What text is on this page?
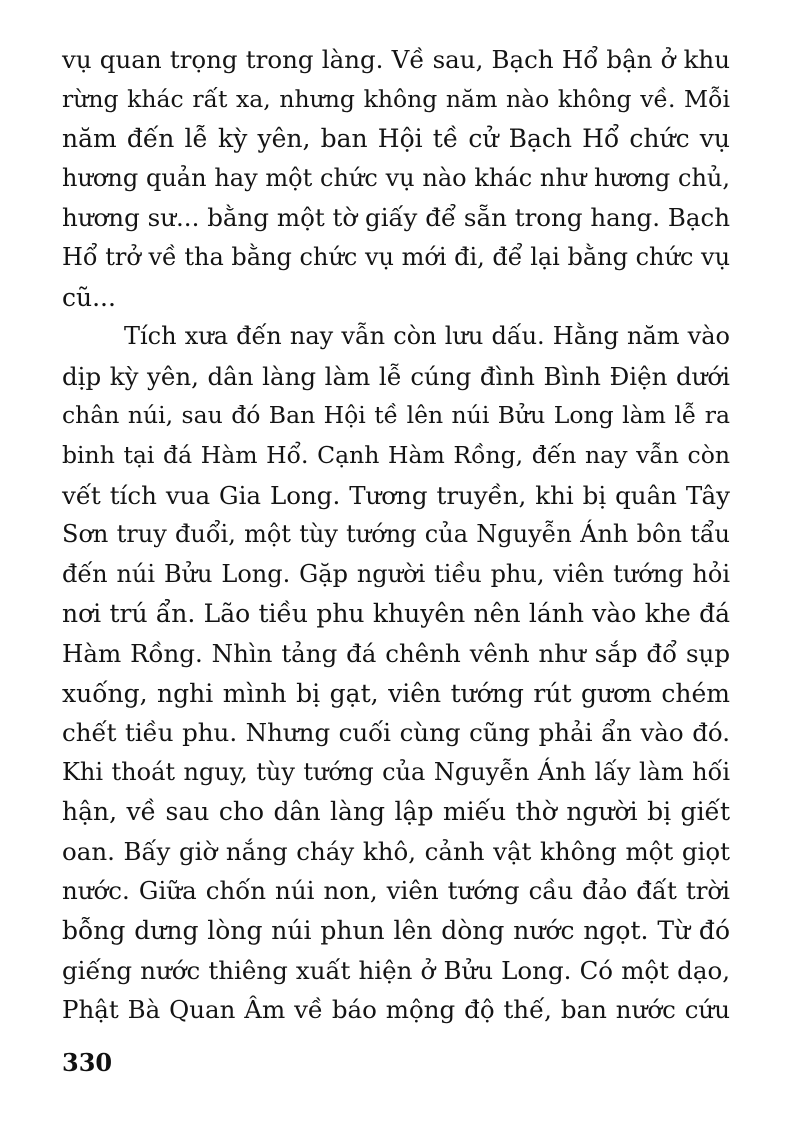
vụ quan trọng trong làng. Về sau, Bạch Hổ bận ở khu
rừng khác rất xa, nhưng không năm nào không về. Mỗi
năm đến lễ kỳ yên, ban Hội tề cử Bạch Hổ chức vụ
hương quản hay một chức vụ nào khác như hương chủ,
hương sư... bằng một tờ giấy để sẵn trong hang. Bạch
Hổ trở về tha bằng chức vụ mới đi, để lại bằng chức vụ
cũ...
Tích xưa đến nay vẫn còn lưu dấu. Hằng năm vào
dịp kỳ yên, dân làng làm lễ cúng đình Bình Điện dưới
chân núi, sau đó Ban Hội tề lên núi Bửu Long làm lễ ra
binh tại đá Hàm Hổ. Cạnh Hàm Rồng, đến nay vẫn còn
vết tích vua Gia Long. Tương truyền, khi bị quân Tây
Sơn truy đuổi, một tùy tướng của Nguyễn Ánh bôn tẩu
đến núi Bửu Long. Gặp người tiều phu, viên tướng hỏi
nơi trú ẩn. Lão tiều phu khuyên nên lánh vào khe đá
Hàm Rồng. Nhìn tảng đá chênh vênh như sắp đổ sụp
xuống, nghi mình bị gạt, viên tướng rút gươm chém
chết tiều phu. Nhưng cuối cùng cũng phải ẩn vào đó.
Khi thoát nguy, tùy tướng của Nguyễn Ánh lấy làm hối
hận, về sau cho dân làng lập miếu thờ người bị giết
oan. Bấy giờ nắng cháy khô, cảnh vật không một giọt
nước. Giữa chốn núi non, viên tướng cầu đảo đất trời
bỗng dưng lòng núi phun lên dòng nước ngọt. Từ đó
giếng nước thiêng xuất hiện ở Bửu Long. Có một dạo,
Phật Bà Quan Âm về báo mộng độ thế, ban nước cứu
330
